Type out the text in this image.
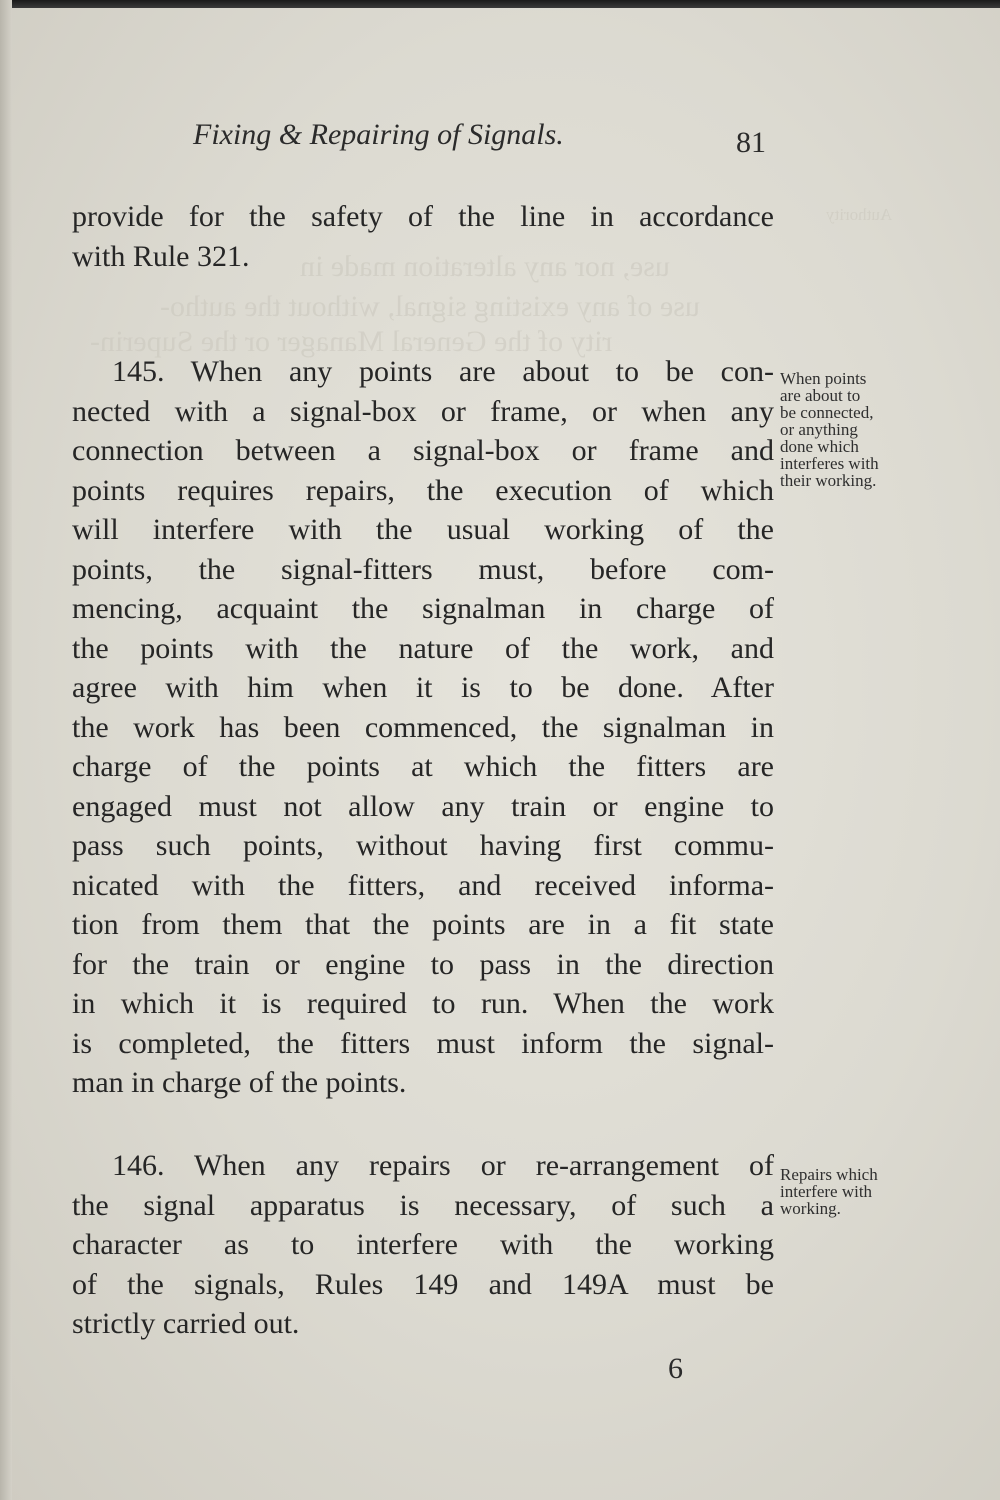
Authority
use, nor any alteration made in
use of any existing signal, without the autho-
rity of the General Manager or the Superin-
Fixing & Repairing of Signals.	81
provide for the safety of the line in accordance
with Rule 321.
145. When any points are about to be con-
nected with a signal-box or frame, or when any
connection between a signal-box or frame and
points requires repairs, the execution of which
will interfere with the usual working of the
points, the signal-fitters must, before com-
mencing, acquaint the signalman in charge of
the points with the nature of the work, and
agree with him when it is to be done. After
the work has been commenced, the signalman in
charge of the points at which the fitters are
engaged must not allow any train or engine to
pass such points, without having first commu-
nicated with the fitters, and received informa-
tion from them that the points are in a fit state
for the train or engine to pass in the direction
in which it is required to run. When the work
is completed, the fitters must inform the signal-
man in charge of the points.
When points
are about to
be connected,
or anything
done which
interferes with
their working.
146. When any repairs or re-arrangement of
the signal apparatus is necessary, of such a
character as to interfere with the working
of the signals, Rules 149 and 149A must be
strictly carried out.
Repairs which
interfere with
working.
6
